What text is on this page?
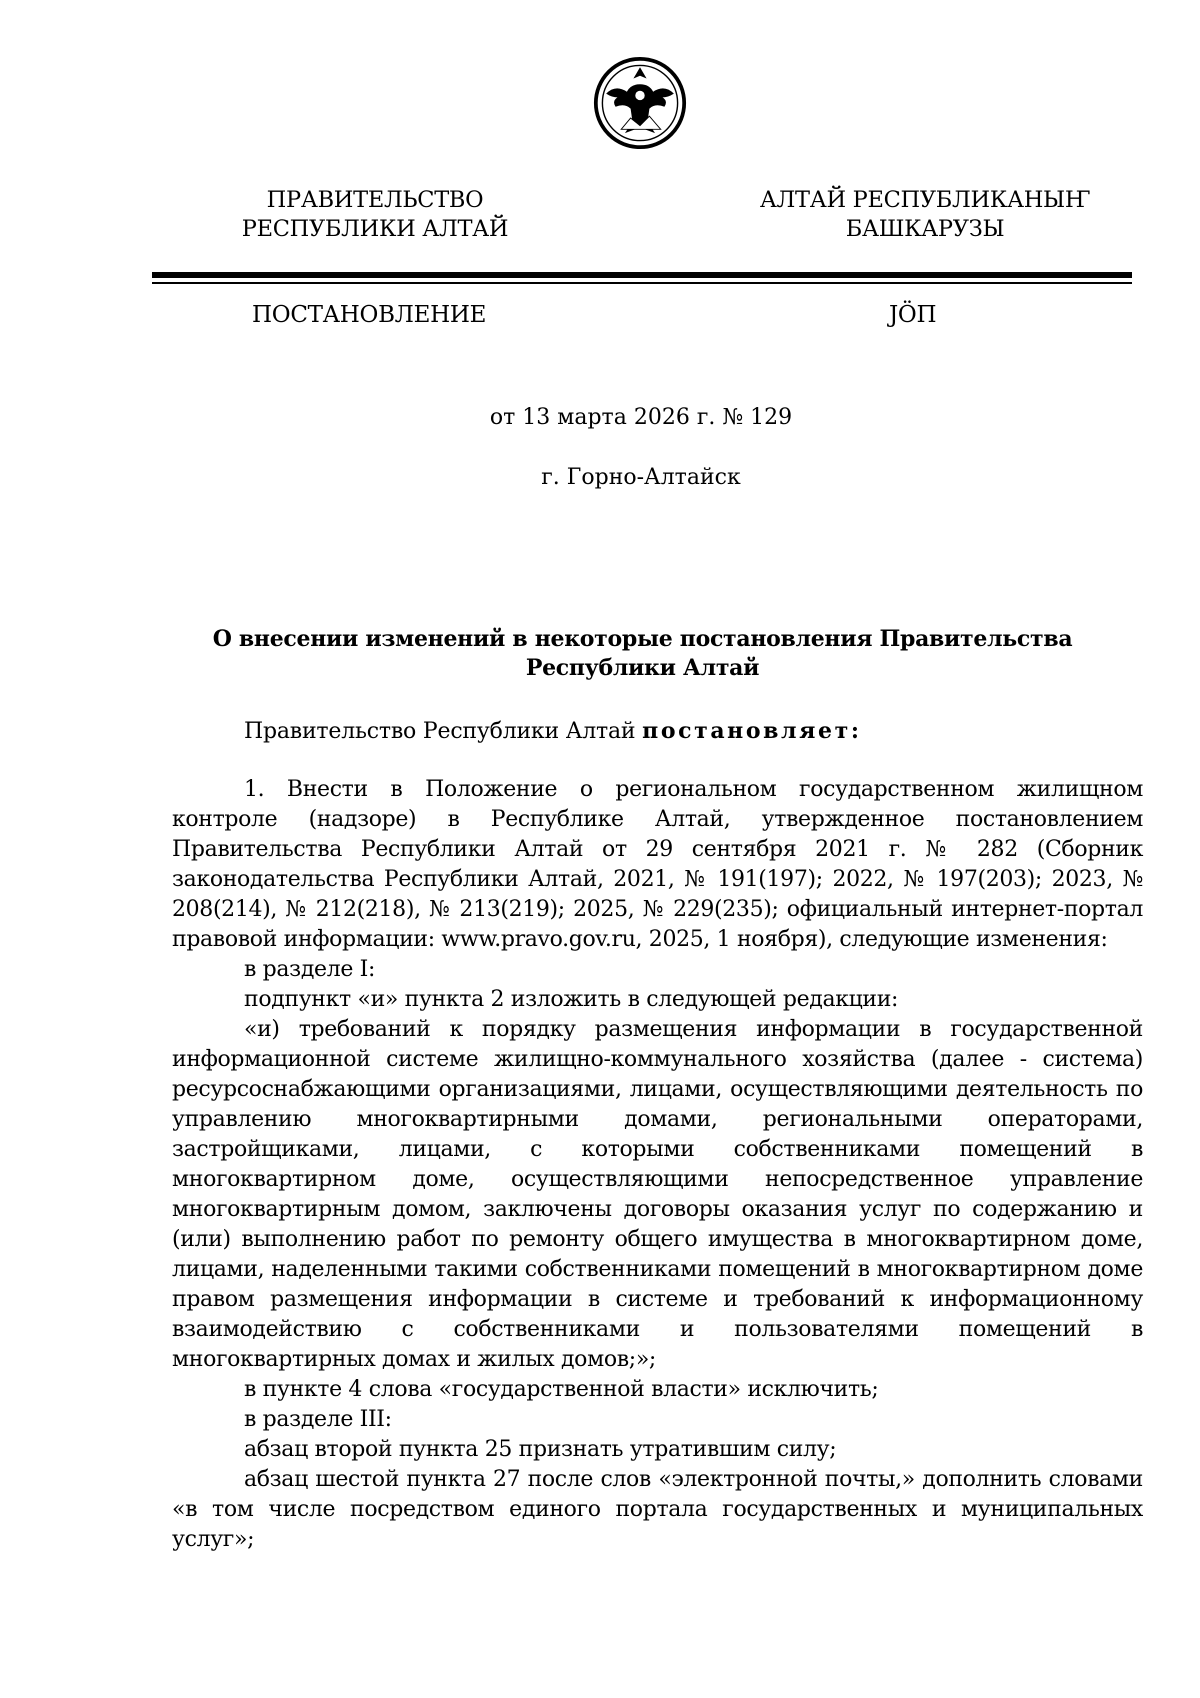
ПРАВИТЕЛЬСТВО
РЕСПУБЛИКИ АЛТАЙ
АЛТАЙ РЕСПУБЛИКАНЫҤ
БАШКАРУЗЫ
ПОСТАНОВЛЕНИЕ	JӦП
от 13 марта 2026 г. № 129
г. Горно-Алтайск
О внесении изменений в некоторые постановления Правительства
Республики Алтай
Правительство Республики Алтай постановляет:

1. Внести в Положение о региональном государственном жилищном контроле (надзоре) в Республике Алтай, утвержденное постановлением Правительства Республики Алтай от 29 сентября 2021 г. № 282 (Сборник законодательства Республики Алтай, 2021, № 191(197); 2022, № 197(203); 2023, № 208(214), № 212(218), № 213(219); 2025, № 229(235); официальный интернет-портал правовой информации: www.pravo.gov.ru, 2025, 1 ноября), следующие изменения:

в разделе I:

подпункт «и» пункта 2 изложить в следующей редакции:

«и) требований к порядку размещения информации в государственной информационной системе жилищно-коммунального хозяйства (далее - система) ресурсоснабжающими организациями, лицами, осуществляющими деятельность по управлению многоквартирными домами, региональными операторами, застройщиками, лицами, с которыми собственниками помещений в многоквартирном доме, осуществляющими непосредственное управление многоквартирным домом, заключены договоры оказания услуг по содержанию и (или) выполнению работ по ремонту общего имущества в многоквартирном доме, лицами, наделенными такими собственниками помещений в многоквартирном доме правом размещения информации в системе и требований к информационному взаимодействию с собственниками и пользователями помещений в многоквартирных домах и жилых домов;»;

в пункте 4 слова «государственной власти» исключить;

в разделе III:

абзац второй пункта 25 признать утратившим силу;

абзац шестой пункта 27 после слов «электронной почты,» дополнить словами «в том числе посредством единого портала государственных и муниципальных услуг»;
